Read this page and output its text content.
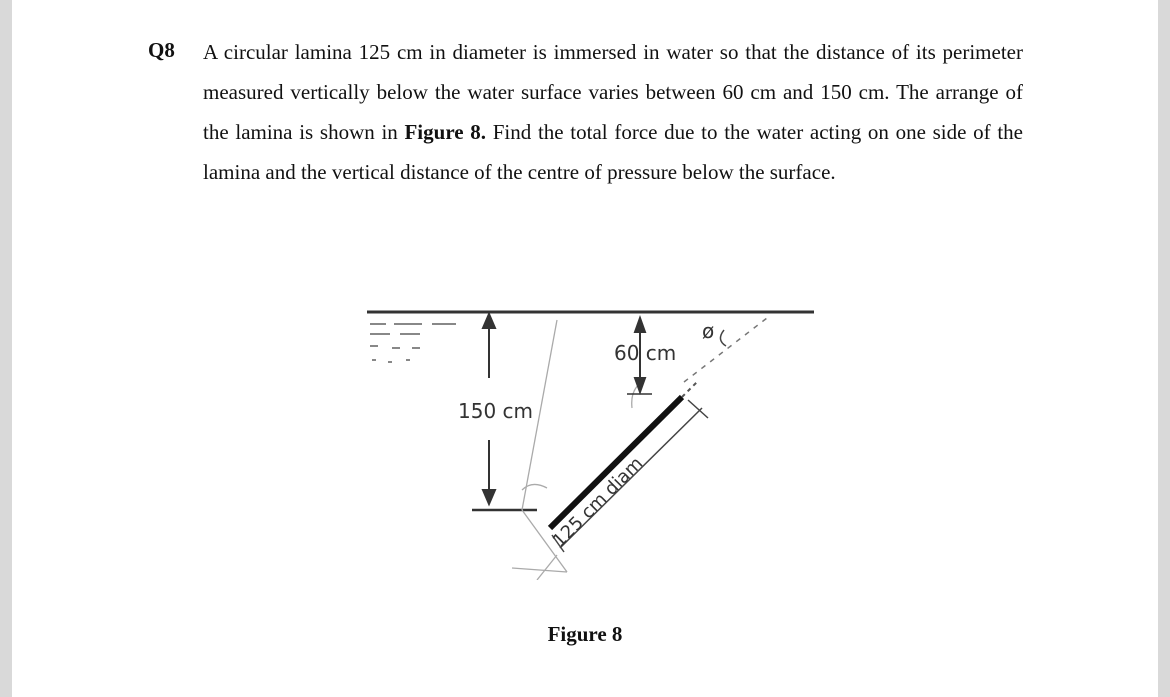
Q8 A circular lamina 125 cm in diameter is immersed in water so that the distance of its perimeter measured vertically below the water surface varies between 60 cm and 150 cm. The arrange of the lamina is shown in Figure 8. Find the total force due to the water acting on one side of the lamina and the vertical distance of the centre of pressure below the surface.
150 cm
60 cm
125 cm diam
ø
Figure 8
